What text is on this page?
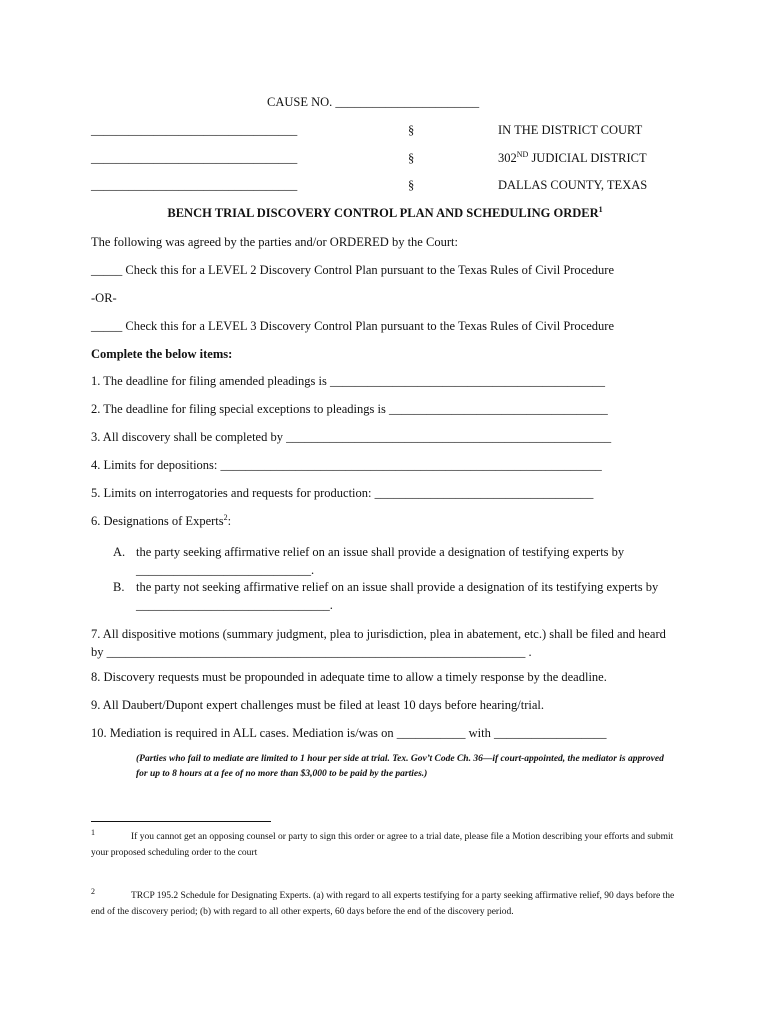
CAUSE NO. _______________________
_________________________________	§	IN THE DISTRICT COURT
_________________________________	§	302ND JUDICIAL DISTRICT
_________________________________	§	DALLAS COUNTY, TEXAS
BENCH TRIAL DISCOVERY CONTROL PLAN AND SCHEDULING ORDER$^1$
The following was agreed by the parties and/or ORDERED by the Court:
_____ Check this for a LEVEL 2 Discovery Control Plan pursuant to the Texas Rules of Civil Procedure
-OR-
_____ Check this for a LEVEL 3 Discovery Control Plan pursuant to the Texas Rules of Civil Procedure
Complete the below items:
1. The deadline for filing amended pleadings is ____________________________________________
2. The deadline for filing special exceptions to pleadings is ___________________________________
3. All discovery shall be completed by ____________________________________________________
4. Limits for depositions: _____________________________________________________________
5. Limits on interrogatories and requests for production: ___________________________________
6. Designations of Experts$^2$:
A. the party seeking affirmative relief on an issue shall provide a designation of testifying experts by ____________________________.
B. the party not seeking affirmative relief on an issue shall provide a designation of its testifying experts by _______________________________.
7. All dispositive motions (summary judgment, plea to jurisdiction, plea in abatement, etc.) shall be filed and heard by ___________________________________________________________________ .
8. Discovery requests must be propounded in adequate time to allow a timely response by the deadline.
9. All Daubert/Dupont expert challenges must be filed at least 10 days before hearing/trial.
10. Mediation is required in ALL cases. Mediation is/was on ___________ with __________________
(Parties who fail to mediate are limited to 1 hour per side at trial. Tex. Gov’t Code Ch. 36—if court-appointed, the mediator is approved for up to 8 hours at a fee of no more than $3,000 to be paid by the parties.)
$^1$	If you cannot get an opposing counsel or party to sign this order or agree to a trial date, please file a Motion describing your efforts and submit your proposed scheduling order to the court
$^2$	TRCP 195.2 Schedule for Designating Experts. (a) with regard to all experts testifying for a party seeking affirmative relief, 90 days before the end of the discovery period; (b) with regard to all other experts, 60 days before the end of the discovery period.
